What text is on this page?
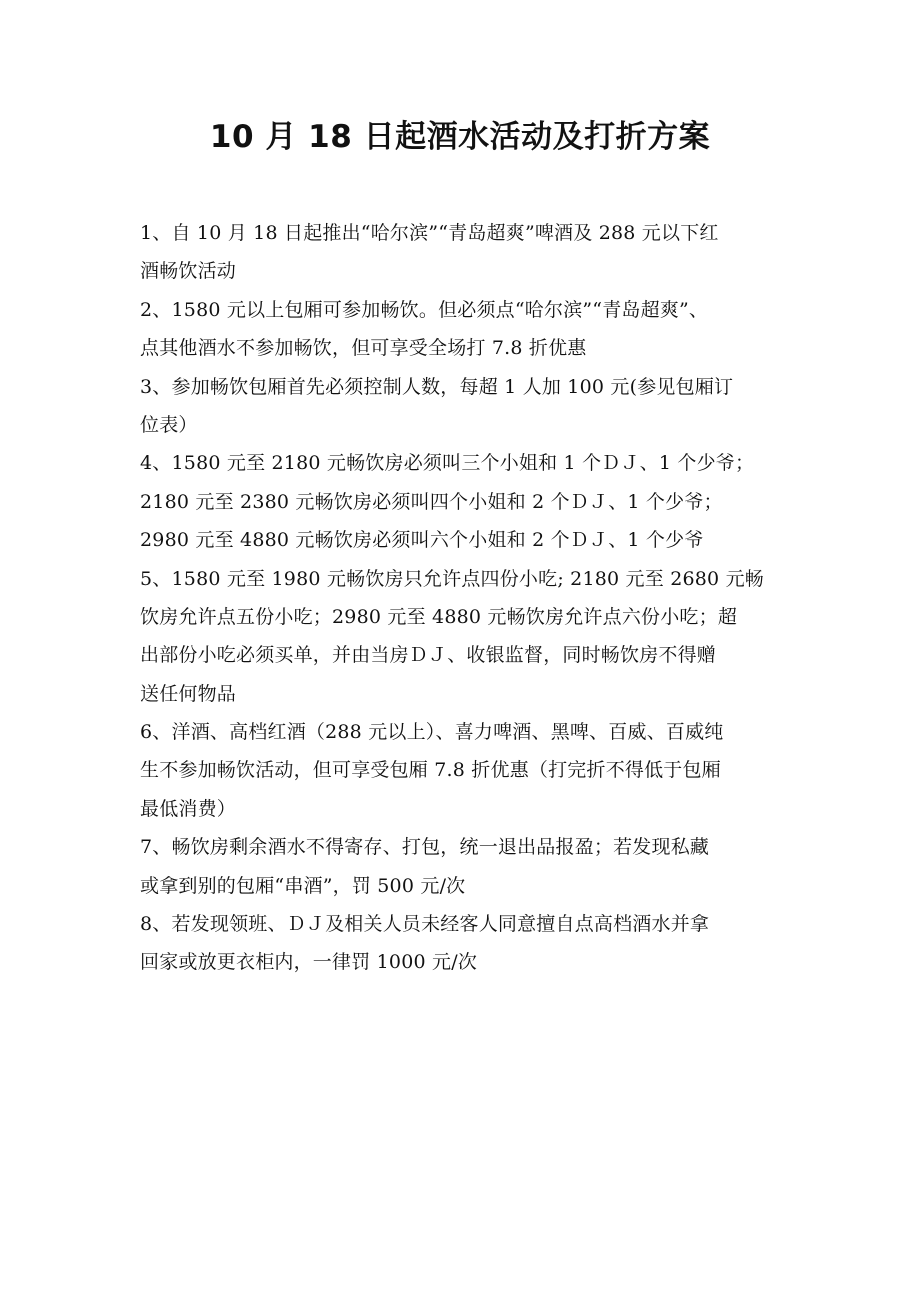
10 月 18 日起酒水活动及打折方案
1、自 10 月 18 日起推出“哈尔滨”“青岛超爽”啤酒及 288 元以下红
酒畅饮活动
2、1580 元以上包厢可参加畅饮。但必须点“哈尔滨”“青岛超爽”、
点其他酒水不参加畅饮，但可享受全场打 7.8 折优惠
3、参加畅饮包厢首先必须控制人数，每超 1 人加 100 元(参见包厢订
位表）
4、1580 元至 2180 元畅饮房必须叫三个小姐和 1 个ＤＪ、1 个少爷；
2180 元至 2380 元畅饮房必须叫四个小姐和 2 个ＤＪ、1 个少爷；
2980 元至 4880 元畅饮房必须叫六个小姐和 2 个ＤＪ、1 个少爷
5、1580 元至 1980 元畅饮房只允许点四份小吃; 2180 元至 2680 元畅
饮房允许点五份小吃；2980 元至 4880 元畅饮房允许点六份小吃；超
出部份小吃必须买单，并由当房ＤＪ、收银监督，同时畅饮房不得赠
送任何物品
6、洋酒、高档红酒（288 元以上）、喜力啤酒、黑啤、百威、百威纯
生不参加畅饮活动，但可享受包厢 7.8 折优惠（打完折不得低于包厢
最低消费）
7、畅饮房剩余酒水不得寄存、打包，统一退出品报盈；若发现私藏
或拿到别的包厢“串酒”，罚 500 元/次
8、若发现领班、ＤＪ及相关人员未经客人同意擅自点高档酒水并拿
回家或放更衣柜内，一律罚 1000 元/次
